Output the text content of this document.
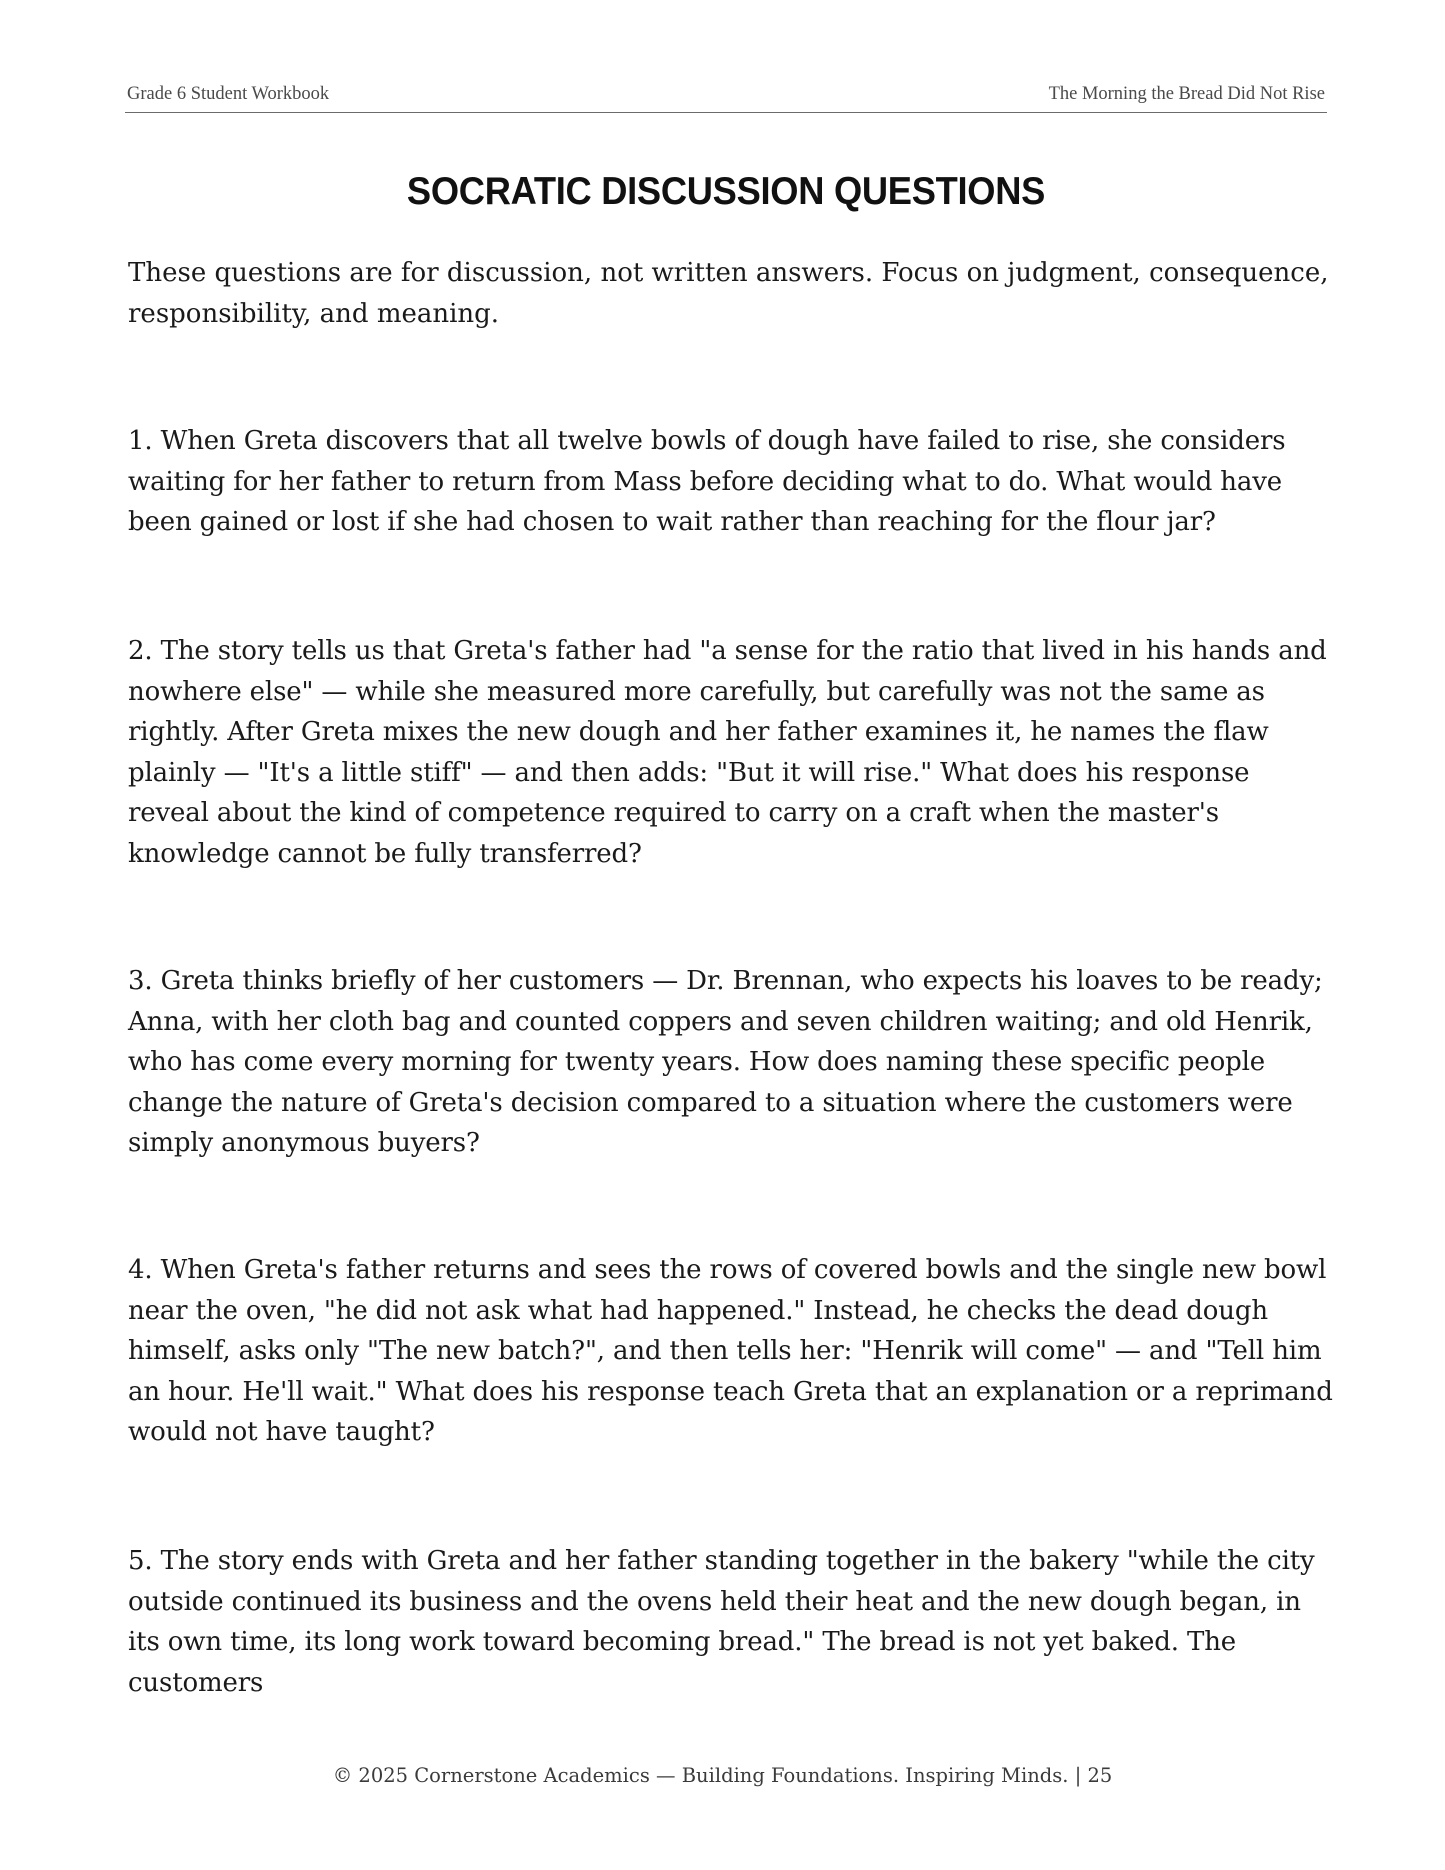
Grade 6 Student Workbook	The Morning the Bread Did Not Rise
SOCRATIC DISCUSSION QUESTIONS
These questions are for discussion, not written answers. Focus on judgment, consequence, responsibility, and meaning.
1. When Greta discovers that all twelve bowls of dough have failed to rise, she considers waiting for her father to return from Mass before deciding what to do. What would have been gained or lost if she had chosen to wait rather than reaching for the flour jar?
2. The story tells us that Greta's father had "a sense for the ratio that lived in his hands and nowhere else" — while she measured more carefully, but carefully was not the same as rightly. After Greta mixes the new dough and her father examines it, he names the flaw plainly — "It's a little stiff" — and then adds: "But it will rise." What does his response reveal about the kind of competence required to carry on a craft when the master's knowledge cannot be fully transferred?
3. Greta thinks briefly of her customers — Dr. Brennan, who expects his loaves to be ready; Anna, with her cloth bag and counted coppers and seven children waiting; and old Henrik, who has come every morning for twenty years. How does naming these specific people change the nature of Greta's decision compared to a situation where the customers were simply anonymous buyers?
4. When Greta's father returns and sees the rows of covered bowls and the single new bowl near the oven, "he did not ask what had happened." Instead, he checks the dead dough himself, asks only "The new batch?", and then tells her: "Henrik will come" — and "Tell him an hour. He'll wait." What does his response teach Greta that an explanation or a reprimand would not have taught?
5. The story ends with Greta and her father standing together in the bakery "while the city outside continued its business and the ovens held their heat and the new dough began, in its own time, its long work toward becoming bread." The bread is not yet baked. The customers
© 2025 Cornerstone Academics — Building Foundations. Inspiring Minds. | 25
